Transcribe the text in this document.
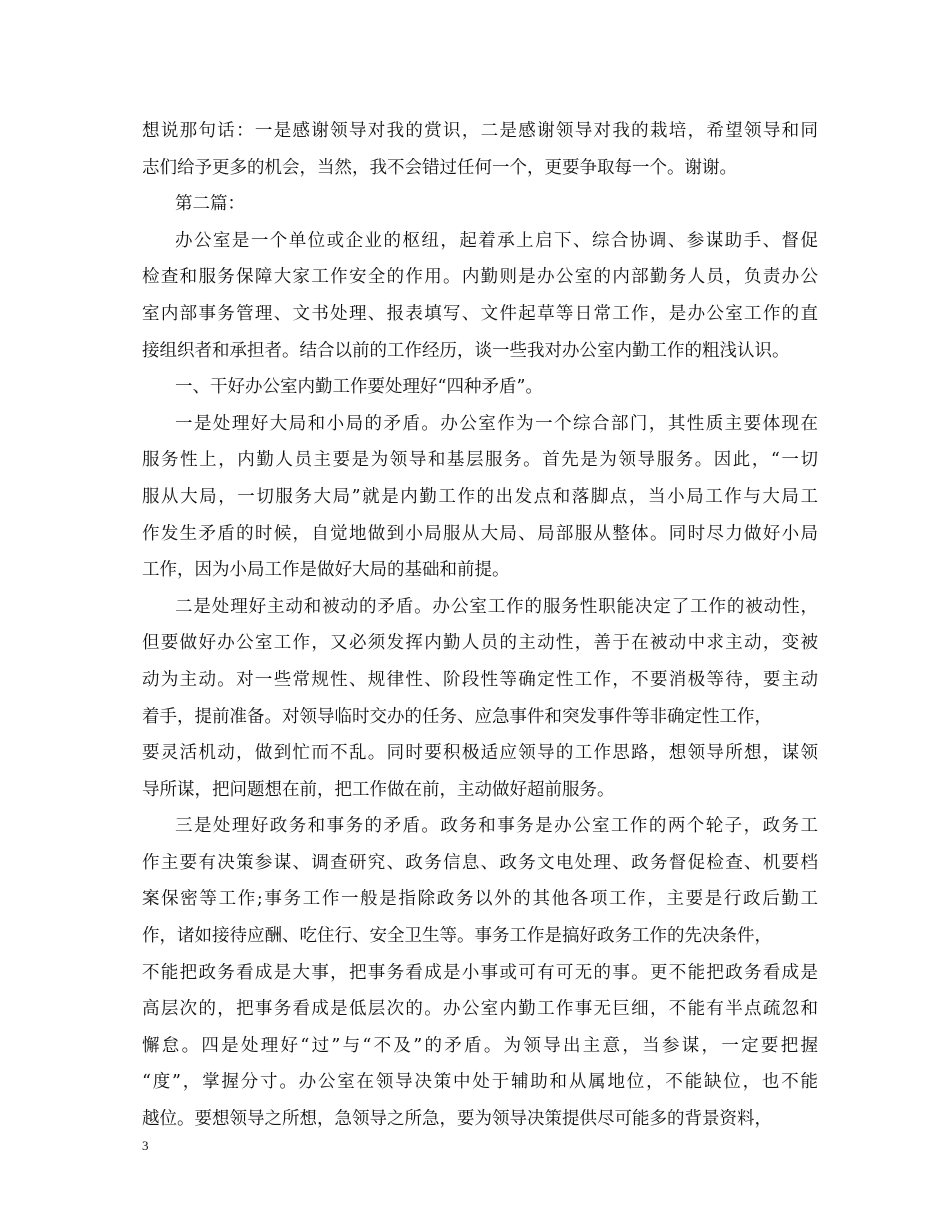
想说那句话：一是感谢领导对我的赏识，二是感谢领导对我的栽培，希望领导和同
志们给予更多的机会，当然，我不会错过任何一个，更要争取每一个。谢谢。
第二篇：
办公室是一个单位或企业的枢纽，起着承上启下、综合协调、参谋助手、督促
检查和服务保障大家工作安全的作用。内勤则是办公室的内部勤务人员，负责办公
室内部事务管理、文书处理、报表填写、文件起草等日常工作，是办公室工作的直
接组织者和承担者。结合以前的工作经历，谈一些我对办公室内勤工作的粗浅认识。
一、干好办公室内勤工作要处理好“四种矛盾”。
一是处理好大局和小局的矛盾。办公室作为一个综合部门，其性质主要体现在
服务性上，内勤人员主要是为领导和基层服务。首先是为领导服务。因此，“一切
服从大局，一切服务大局”就是内勤工作的出发点和落脚点，当小局工作与大局工
作发生矛盾的时候，自觉地做到小局服从大局、局部服从整体。同时尽力做好小局
工作，因为小局工作是做好大局的基础和前提。
二是处理好主动和被动的矛盾。办公室工作的服务性职能决定了工作的被动性，
但要做好办公室工作，又必须发挥内勤人员的主动性，善于在被动中求主动，变被
动为主动。对一些常规性、规律性、阶段性等确定性工作，不要消极等待，要主动
着手，提前准备。对领导临时交办的任务、应急事件和突发事件等非确定性工作，
要灵活机动，做到忙而不乱。同时要积极适应领导的工作思路，想领导所想，谋领
导所谋，把问题想在前，把工作做在前，主动做好超前服务。
三是处理好政务和事务的矛盾。政务和事务是办公室工作的两个轮子，政务工
作主要有决策参谋、调查研究、政务信息、政务文电处理、政务督促检查、机要档
案保密等工作;事务工作一般是指除政务以外的其他各项工作，主要是行政后勤工
作，诸如接待应酬、吃住行、安全卫生等。事务工作是搞好政务工作的先决条件，
不能把政务看成是大事，把事务看成是小事或可有可无的事。更不能把政务看成是
高层次的，把事务看成是低层次的。办公室内勤工作事无巨细，不能有半点疏忽和
懈怠。四是处理好“过”与“不及”的矛盾。为领导出主意，当参谋，一定要把握
“度”，掌握分寸。办公室在领导决策中处于辅助和从属地位，不能缺位，也不能
越位。要想领导之所想，急领导之所急，要为领导决策提供尽可能多的背景资料，
3
